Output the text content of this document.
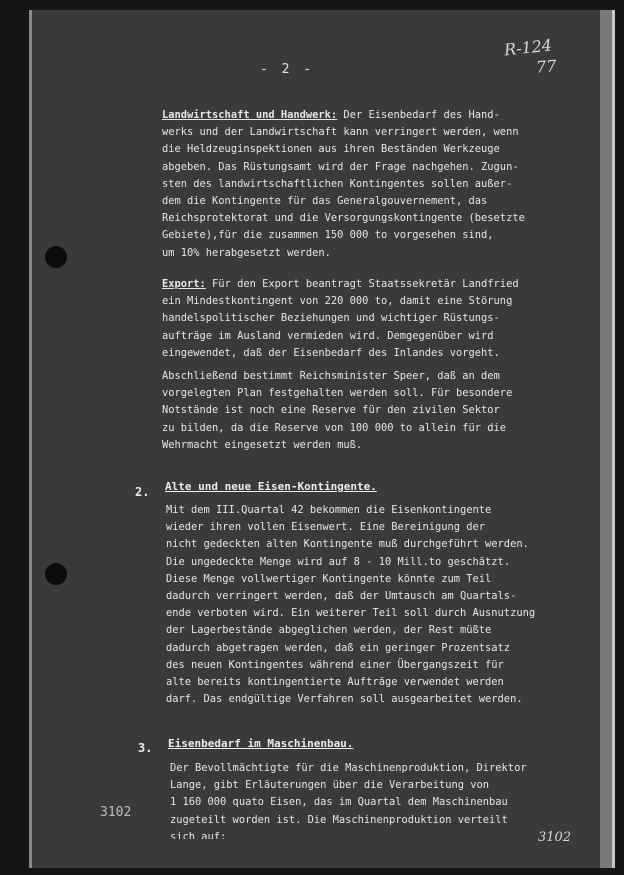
- 2 -
R-124
77
Landwirtschaft und Handwerk: Der Eisenbedarf des Hand-
werks und der Landwirtschaft kann verringert werden, wenn
die Heldzeuginspektionen aus ihren Beständen Werkzeuge
abgeben. Das Rüstungsamt wird der Frage nachgehen. Zugun-
sten des landwirtschaftlichen Kontingentes sollen außer-
dem die Kontingente für das Generalgouvernement, das
Reichsprotektorat und die Versorgungskontingente (besetzte
Gebiete),für die zusammen 150 000 to vorgesehen sind,
um 10% herabgesetzt werden.
Export: Für den Export beantragt Staatssekretär Landfried
ein Mindestkontingent von 220 000 to, damit eine Störung
handelspolitischer Beziehungen und wichtiger Rüstungs-
aufträge im Ausland vermieden wird. Demgegenüber wird
eingewendet, daß der Eisenbedarf des Inlandes vorgeht.
Abschließend bestimmt Reichsminister Speer, daß an dem
vorgelegten Plan festgehalten werden soll. Für besondere
Notstände ist noch eine Reserve für den zivilen Sektor
zu bilden, da die Reserve von 100 000 to allein für die
Wehrmacht eingesetzt werden muß.
2. Alte und neue Eisen-Kontingente.
Mit dem III.Quartal 42 bekommen die Eisenkontingente
wieder ihren vollen Eisenwert. Eine Bereinigung der
nicht gedeckten alten Kontingente muß durchgeführt werden.
Die ungedeckte Menge wird auf 8 - 10 Mill.to geschätzt.
Diese Menge vollwertiger Kontingente könnte zum Teil
dadurch verringert werden, daß der Umtausch am Quartals-
ende verboten wird. Ein weiterer Teil soll durch Ausnutzung
der Lagerbestände abgeglichen werden, der Rest müßte
dadurch abgetragen werden, daß ein geringer Prozentsatz
des neuen Kontingentes während einer Übergangszeit für
alte bereits kontingentierte Aufträge verwendet werden
darf. Das endgültige Verfahren soll ausgearbeitet werden.
3. Eisenbedarf im Maschinenbau.
Der Bevollmächtigte für die Maschinenproduktion, Direktor
Lange, gibt Erläuterungen über die Verarbeitung von
1 160 000 quato Eisen, das im Quartal dem Maschinenbau
zugeteilt worden ist. Die Maschinenproduktion verteilt
sich auf:
3102
3102
